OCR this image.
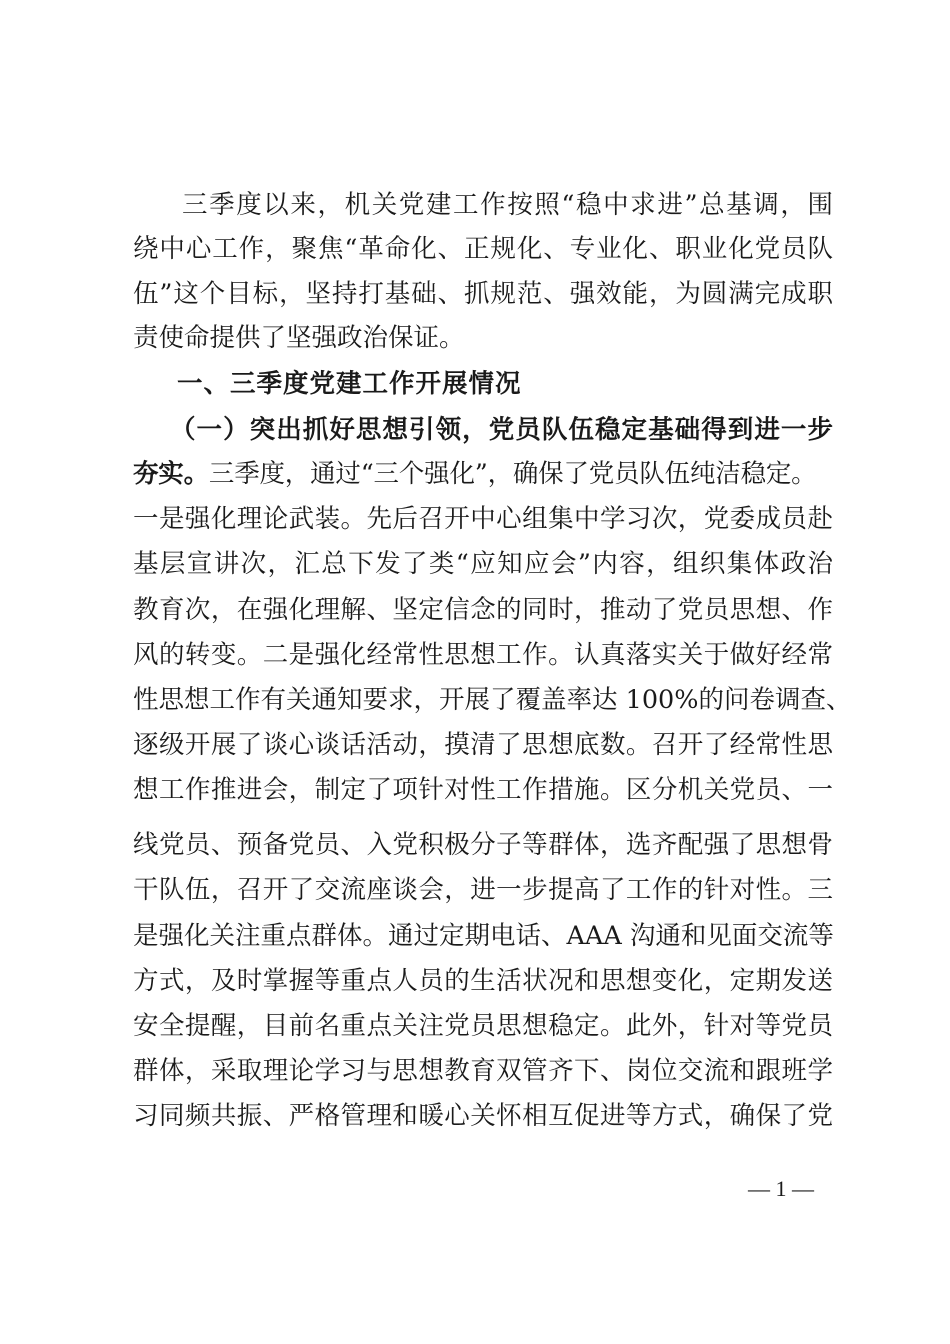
三季度以来，机关党建工作按照“稳中求进”总基调，围
绕中心工作，聚焦“革命化、正规化、专业化、职业化党员队
伍”这个目标，坚持打基础、抓规范、强效能，为圆满完成职
责使命提供了坚强政治保证。
一、三季度党建工作开展情况
（一）突出抓好思想引领，党员队伍稳定基础得到进一步
夯实。三季度，通过“三个强化”，确保了党员队伍纯洁稳定。
一是强化理论武装。先后召开中心组集中学习次，党委成员赴
基层宣讲次，汇总下发了类“应知应会”内容，组织集体政治
教育次，在强化理解、坚定信念的同时，推动了党员思想、作
风的转变。二是强化经常性思想工作。认真落实关于做好经常
性思想工作有关通知要求，开展了覆盖率达 100%的问卷调查、
逐级开展了谈心谈话活动，摸清了思想底数。召开了经常性思
想工作推进会，制定了项针对性工作措施。区分机关党员、一
线党员、预备党员、入党积极分子等群体，选齐配强了思想骨
干队伍，召开了交流座谈会，进一步提高了工作的针对性。三
是强化关注重点群体。通过定期电话、AAA 沟通和见面交流等
方式，及时掌握等重点人员的生活状况和思想变化，定期发送
安全提醒，目前名重点关注党员思想稳定。此外，针对等党员
群体，采取理论学习与思想教育双管齐下、岗位交流和跟班学
习同频共振、严格管理和暖心关怀相互促进等方式，确保了党
— 1 —
